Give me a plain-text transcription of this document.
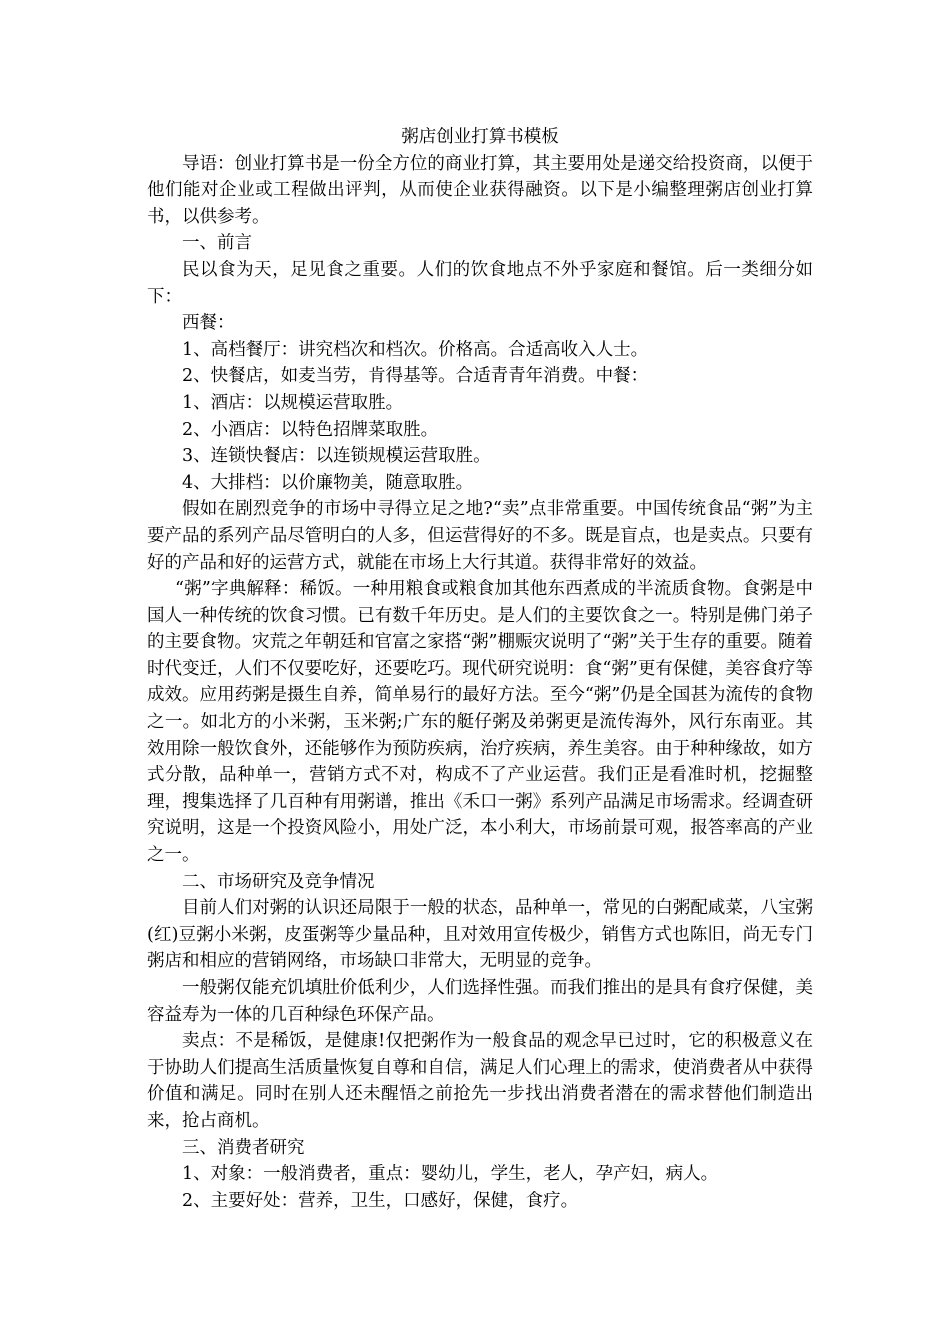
粥店创业打算书模板

导语：创业打算书是一份全方位的商业打算，其主要用处是递交给投资商，以便于他们能对企业或工程做出评判，从而使企业获得融资。以下是小编整理粥店创业打算书，以供参考。

一、前言

民以食为天，足见食之重要。人们的饮食地点不外乎家庭和餐馆。后一类细分如下：

西餐：

1、高档餐厅：讲究档次和档次。价格高。合适高收入人士。

2、快餐店，如麦当劳，肯得基等。合适青青年消费。中餐：

1、酒店：以规模运营取胜。

2、小酒店：以特色招牌菜取胜。

3、连锁快餐店：以连锁规模运营取胜。

4、大排档：以价廉物美，随意取胜。

假如在剧烈竞争的市场中寻得立足之地?“卖”点非常重要。中国传统食品“粥”为主要产品的系列产品尽管明白的人多，但运营得好的不多。既是盲点，也是卖点。只要有好的产品和好的运营方式，就能在市场上大行其道。获得非常好的效益。

“粥”字典解释：稀饭。一种用粮食或粮食加其他东西煮成的半流质食物。食粥是中国人一种传统的饮食习惯。已有数千年历史。是人们的主要饮食之一。特别是佛门弟子的主要食物。灾荒之年朝廷和官富之家搭“粥”棚赈灾说明了“粥”关于生存的重要。随着时代变迁，人们不仅要吃好，还要吃巧。现代研究说明：食“粥”更有保健，美容食疗等成效。应用药粥是摄生自养，简单易行的最好方法。至今“粥”仍是全国甚为流传的食物之一。如北方的小米粥，玉米粥;广东的艇仔粥及弟粥更是流传海外，风行东南亚。其效用除一般饮食外，还能够作为预防疾病，治疗疾病，养生美容。由于种种缘故，如方式分散，品种单一，营销方式不对，构成不了产业运营。我们正是看准时机，挖掘整理，搜集选择了几百种有用粥谱，推出《禾口一粥》系列产品满足市场需求。经调查研究说明，这是一个投资风险小，用处广泛，本小利大，市场前景可观，报答率高的产业之一。

二、市场研究及竞争情况

目前人们对粥的认识还局限于一般的状态，品种单一，常见的白粥配咸菜，八宝粥(红)豆粥小米粥，皮蛋粥等少量品种，且对效用宣传极少，销售方式也陈旧，尚无专门粥店和相应的营销网络，市场缺口非常大，无明显的竞争。

一般粥仅能充饥填肚价低利少，人们选择性强。而我们推出的是具有食疗保健，美容益寿为一体的几百种绿色环保产品。

卖点：不是稀饭，是健康!仅把粥作为一般食品的观念早已过时，它的积极意义在于协助人们提高生活质量恢复自尊和自信，满足人们心理上的需求，使消费者从中获得价值和满足。同时在别人还未醒悟之前抢先一步找出消费者潜在的需求替他们制造出来，抢占商机。

三、消费者研究

1、对象：一般消费者，重点：婴幼儿，学生，老人，孕产妇，病人。

2、主要好处：营养，卫生，口感好，保健，食疗。
